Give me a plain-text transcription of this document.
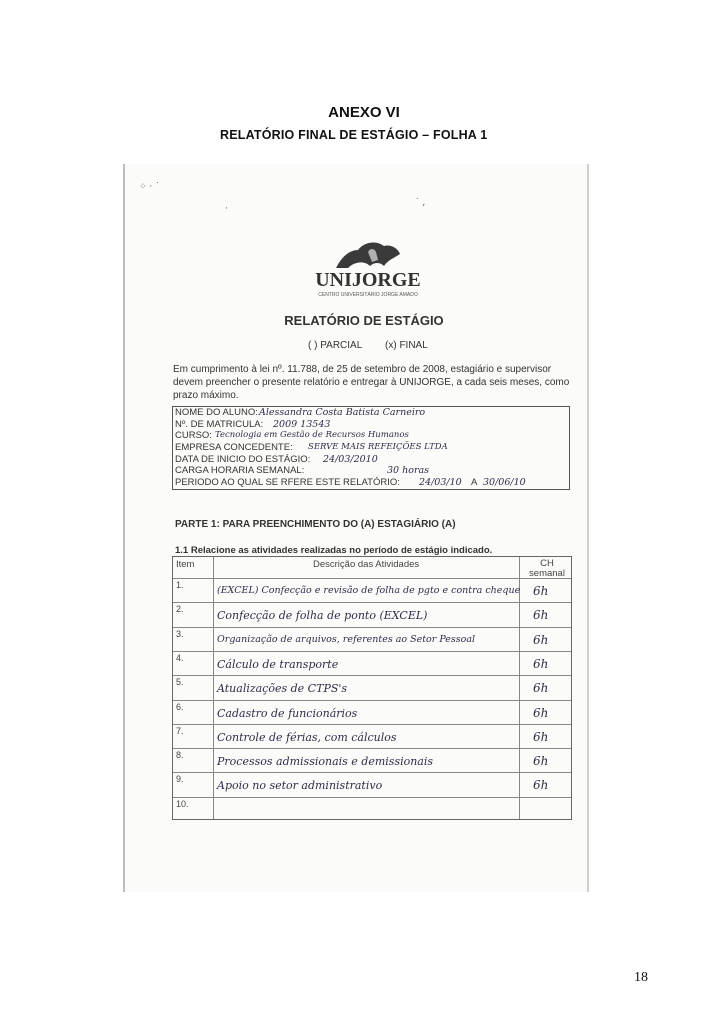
ANEXO VI
RELATÓRIO FINAL DE ESTÁGIO – FOLHA 1
⁘ · ˙
˙ ,
·
UNIJORGE
CENTRO UNIVERSITÁRIO JORGE AMADO
RELATÓRIO DE ESTÁGIO
( ) PARCIAL (x) FINAL
Em cumprimento à lei nº. 11.788, de 25 de setembro de 2008, estagiário e supervisor devem preencher o presente relatório e entregar à UNIJORGE, a cada seis meses, como prazo máximo.
NOME DO ALUNO: Alessandra Costa Batista Carneiro
Nº. DE MATRICULA: 2009 13543
CURSO: Tecnologia em Gestão de Recursos Humanos
EMPRESA CONCEDENTE: SERVE MAIS REFEIÇÕES LTDA
DATA DE INICIO DO ESTÁGIO: 24/03/2010
CARGA HORARIA SEMANAL:	30 horas
PERIODO AO QUAL SE RFERE ESTE RELATÓRIO: 24/03/10 A 30/06/10
PARTE 1: PARA PREENCHIMENTO DO (A) ESTAGIÁRIO (A)
1.1 Relacione as atividades realizadas no período de estágio indicado.
Item	Descrição das Atividades	CH semanal
1.	(EXCEL) Confecção e revisão de folha de pgto e contra cheque 6h
2.	Confecção de folha de ponto (EXCEL)	6h
3.	Organização de arquivos, referentes ao Setor Pessoal	6h
4.	Cálculo de transporte	6h
5.	Atualizações de CTPS's	6h
6.	Cadastro de funcionários	6h
7.	Controle de férias, com cálculos	6h
8.	Processos admissionais e demissionais	6h
9.	Apoio no setor administrativo	6h
10.
18
